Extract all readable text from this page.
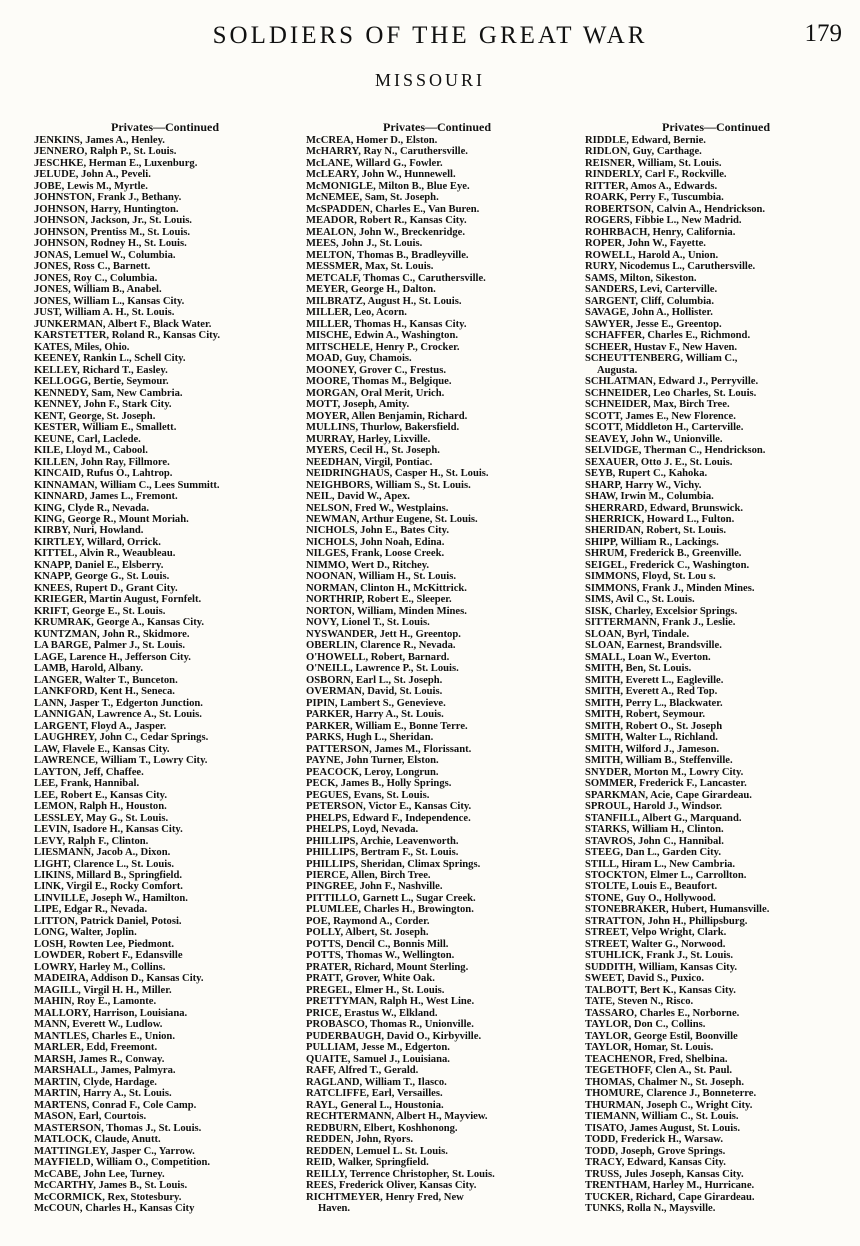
SOLDIERS OF THE GREAT WAR	179
MISSOURI
Privates—Continued
JENKINS, James A., Henley.
JENNERO, Ralph P., St. Louis.
JESCHKE, Herman E., Luxenburg.
JELUDE, John A., Peveli.
JOBE, Lewis M., Myrtle.
JOHNSTON, Frank J., Bethany.
JOHNSON, Harry, Huntington.
JOHNSON, Jackson, Jr., St. Louis.
JOHNSON, Prentiss M., St. Louis.
JOHNSON, Rodney H., St. Louis.
JONAS, Lemuel W., Columbia.
JONES, Ross C., Barnett.
JONES, Roy C., Columbia.
JONES, William B., Anabel.
JONES, William L., Kansas City.
JUST, William A. H., St. Louis.
JUNKERMAN, Albert F., Black Water.
KARSTETTER, Roland R., Kansas City.
KATES, Miles, Ohio.
KEENEY, Rankin L., Schell City.
KELLEY, Richard T., Easley.
KELLOGG, Bertie, Seymour.
KENNEDY, Sam, New Cambria.
KENNEY, John F., Stark City.
KENT, George, St. Joseph.
KESTER, William E., Smallett.
KEUNE, Carl, Laclede.
KILE, Lloyd M., Cabool.
KILLEN, John Ray, Fillmore.
KINCAID, Rufus O., Lahtrop.
KINNAMAN, William C., Lees Summitt.
KINNARD, James L., Fremont.
KING, Clyde R., Nevada.
KING, George R., Mount Moriah.
KIRBY, Nuri, Howland.
KIRTLEY, Willard, Orrick.
KITTEL, Alvin R., Weaubleau.
KNAPP, Daniel E., Elsberry.
KNAPP, George G., St. Louis.
KNEES, Rupert D., Grant City.
KRIEGER, Martin August, Fornfelt.
KRIFT, George E., St. Louis.
KRUMRAK, George A., Kansas City.
KUNTZMAN, John R., Skidmore.
LA BARGE, Palmer J., St. Louis.
LAGE, Larence H., Jefferson City.
LAMB, Harold, Albany.
LANGER, Walter T., Bunceton.
LANKFORD, Kent H., Seneca.
LANN, Jasper T., Edgerton Junction.
LANNIGAN, Lawrence A., St. Louis.
LARGENT, Floyd A., Jasper.
LAUGHREY, John C., Cedar Springs.
LAW, Flavele E., Kansas City.
LAWRENCE, William T., Lowry City.
LAYTON, Jeff, Chaffee.
LEE, Frank, Hannibal.
LEE, Robert E., Kansas City.
LEMON, Ralph H., Houston.
LESSLEY, May G., St. Louis.
LEVIN, Isadore H., Kansas City.
LEVY, Ralph F., Clinton.
LIESMANN, Jacob A., Dixon.
LIGHT, Clarence L., St. Louis.
LIKINS, Millard B., Springfield.
LINK, Virgil E., Rocky Comfort.
LINVILLE, Joseph W., Hamilton.
LIPE, Edgar R., Nevada.
LITTON, Patrick Daniel, Potosi.
LONG, Walter, Joplin.
LOSH, Rowten Lee, Piedmont.
LOWDER, Robert F., Edansville
LOWRY, Harley M., Collins.
MADEIRA, Addison D., Kansas City.
MAGILL, Virgil H. H., Miller.
MAHIN, Roy E., Lamonte.
MALLORY, Harrison, Louisiana.
MANN, Everett W., Ludlow.
MANTLES, Charles E., Union.
MARLER, Edd, Freemont.
MARSH, James R., Conway.
MARSHALL, James, Palmyra.
MARTIN, Clyde, Hardage.
MARTIN, Harry A., St. Louis.
MARTENS, Conrad F., Cole Camp.
MASON, Earl, Courtois.
MASTERSON, Thomas J., St. Louis.
MATLOCK, Claude, Anutt.
MATTINGLEY, Jasper C., Yarrow.
MAYFIELD, William O., Competition.
McCABE, John Lee, Turney.
McCARTHY, James B., St. Louis.
McCORMICK, Rex, Stotesbury.
McCOUN, Charles H., Kansas City
Privates—Continued
McCREA, Homer D., Elston.
McHARRY, Ray N., Caruthersville.
McLANE, Willard G., Fowler.
McLEARY, John W., Hunnewell.
McMONIGLE, Milton B., Blue Eye.
McNEMEE, Sam, St. Joseph.
McSPADDEN, Charles E., Van Buren.
MEADOR, Robert R., Kansas City.
MEALON, John W., Breckenridge.
MEES, John J., St. Louis.
MELTON, Thomas B., Bradleyville.
MESSMER, Max, St. Louis.
METCALF, Thomas C., Caruthersville.
MEYER, George H., Dalton.
MILBRATZ, August H., St. Louis.
MILLER, Leo, Acorn.
MILLER, Thomas H., Kansas City.
MISCHE, Edwin A., Washington.
MITSCHELE, Henry P., Crocker.
MOAD, Guy, Chamois.
MOONEY, Grover C., Frestus.
MOORE, Thomas M., Belgique.
MORGAN, Oral Merit, Urich.
MOTT, Joseph, Amity.
MOYER, Allen Benjamin, Richard.
MULLINS, Thurlow, Bakersfield.
MURRAY, Harley, Lixville.
MYERS, Cecil H., St. Joseph.
NEEDHAN, Virgil, Pontiac.
NEIDRINGHAUS, Casper H., St. Louis.
NEIGHBORS, William S., St. Louis.
NEIL, David W., Apex.
NELSON, Fred W., Westplains.
NEWMAN, Arthur Eugene, St. Louis.
NICHOLS, John E., Bates City.
NICHOLS, John Noah, Edina.
NILGES, Frank, Loose Creek.
NIMMO, Wert D., Ritchey.
NOONAN, William H., St. Louis.
NORMAN, Clinton H., McKittrick.
NORTHRIP, Robert E., Sleeper.
NORTON, William, Minden Mines.
NOVY, Lionel T., St. Louis.
NYSWANDER, Jett H., Greentop.
OBERLIN, Clarence R., Nevada.
O'HOWELL, Robert, Barnard.
O'NEILL, Lawrence P., St. Louis.
OSBORN, Earl L., St. Joseph.
OVERMAN, David, St. Louis.
PIPIN, Lambert S., Genevieve.
PARKER, Harry A., St. Louis.
PARKER, William E., Bonne Terre.
PARKS, Hugh L., Sheridan.
PATTERSON, James M., Florissant.
PAYNE, John Turner, Elston.
PEACOCK, Leroy, Longrun.
PECK, James B., Holly Springs.
PEGUES, Evans, St. Louis.
PETERSON, Victor E., Kansas City.
PHELPS, Edward F., Independence.
PHELPS, Loyd, Nevada.
PHILLIPS, Archie, Leavenworth.
PHILLIPS, Bertram F., St. Louis.
PHILLIPS, Sheridan, Climax Springs.
PIERCE, Allen, Birch Tree.
PINGREE, John F., Nashville.
PITTILLO, Garnett L., Sugar Creek.
PLUMLEE, Charles H., Browington.
POE, Raymond A., Corder.
POLLY, Albert, St. Joseph.
POTTS, Dencil C., Bonnis Mill.
POTTS, Thomas W., Wellington.
PRATER, Richard, Mount Sterling.
PRATT, Grover, White Oak.
PREGEL, Elmer H., St. Louis.
PRETTYMAN, Ralph H., West Line.
PRICE, Erastus W., Elkland.
PROBASCO, Thomas R., Unionville.
PUDERBAUGH, David O., Kirbyville.
PULLIAM, Jesse M., Edgerton.
QUAITE, Samuel J., Louisiana.
RAFF, Alfred T., Gerald.
RAGLAND, William T., Ilasco.
RATCLIFFE, Earl, Versailles.
RAYL, General L., Houstonia.
RECHTERMANN, Albert H., Mayview.
REDBURN, Elbert, Koshhonong.
REDDEN, John, Ryors.
REDDEN, Lemuel L. St. Louis.
REID, Walker, Springfield.
REILLY, Terrence Christopher, St. Louis.
REES, Frederick Oliver, Kansas City.
RICHTMEYER, Henry Fred, New
Haven.
Privates—Continued
RIDDLE, Edward, Bernie.
RIDLON, Guy, Carthage.
REISNER, William, St. Louis.
RINDERLY, Carl F., Rockville.
RITTER, Amos A., Edwards.
ROARK, Perry F., Tuscumbia.
ROBERTSON, Calvin A., Hendrickson.
ROGERS, Fibbie L., New Madrid.
ROHRBACH, Henry, California.
ROPER, John W., Fayette.
ROWELL, Harold A., Union.
RURY, Nicodemus L., Caruthersville.
SAMS, Milton, Sikeston.
SANDERS, Levi, Carterville.
SARGENT, Cliff, Columbia.
SAVAGE, John A., Hollister.
SAWYER, Jesse E., Greentop.
SCHAFFER, Charles E., Richmond.
SCHEER, Hustav F., New Haven.
SCHEUTTENBERG, William C.,
Augusta.
SCHLATMAN, Edward J., Perryville.
SCHNEIDER, Leo Charles, St. Louis.
SCHNEIDER, Max, Birch Tree.
SCOTT, James E., New Florence.
SCOTT, Middleton H., Carterville.
SEAVEY, John W., Unionville.
SELVIDGE, Therman C., Hendrickson.
SEXAUER, Otto J. E., St. Louis.
SEYB, Rupert C., Kahoka.
SHARP, Harry W., Vichy.
SHAW, Irwin M., Columbia.
SHERRARD, Edward, Brunswick.
SHERRICK, Howard L., Fulton.
SHERIDAN, Robert, St. Louis.
SHIPP, William R., Lackings.
SHRUM, Frederick B., Greenville.
SEIGEL, Frederick C., Washington.
SIMMONS, Floyd, St. Lou s.
SIMMONS, Frank J., Minden Mines.
SIMS, Avil C., St. Louis.
SISK, Charley, Excelsior Springs.
SITTERMANN, Frank J., Leslie.
SLOAN, Byrl, Tindale.
SLOAN, Earnest, Brandsville.
SMALL, Loan W., Everton.
SMITH, Ben, St. Louis.
SMITH, Everett L., Eagleville.
SMITH, Everett A., Red Top.
SMITH, Perry L., Blackwater.
SMITH, Robert, Seymour.
SMITH, Robert O., St. Joseph
SMITH, Walter L., Richland.
SMITH, Wilford J., Jameson.
SMITH, William B., Steffenville.
SNYDER, Morton M., Lowry City.
SOMMER, Frederick F., Lancaster.
SPARKMAN, Acie, Cape Girardeau.
SPROUL, Harold J., Windsor.
STANFILL, Albert G., Marquand.
STARKS, William H., Clinton.
STAVROS, John C., Hannibal.
STEEG, Dan L., Garden City.
STILL, Hiram L., New Cambria.
STOCKTON, Elmer L., Carrollton.
STOLTE, Louis E., Beaufort.
STONE, Guy O., Hollywood.
STONEBRAKER, Hubert, Humansville.
STRATTON, John H., Phillipsburg.
STREET, Velpo Wright, Clark.
STREET, Walter G., Norwood.
STUHLICK, Frank J., St. Louis.
SUDDITH, William, Kansas City.
SWEET, David S., Puxico.
TALBOTT, Bert K., Kansas City.
TATE, Steven N., Risco.
TASSARO, Charles E., Norborne.
TAYLOR, Don C., Collins.
TAYLOR, George Estil, Boonville
TAYLOR, Homar, St. Louis.
TEACHENOR, Fred, Shelbina.
TEGETHOFF, Clen A., St. Paul.
THOMAS, Chalmer N., St. Joseph.
THOMURE, Clarence J., Bonneterre.
THURMAN, Joseph C., Wright City.
TIEMANN, William C., St. Louis.
TISATO, James August, St. Louis.
TODD, Frederick H., Warsaw.
TODD, Joseph, Grove Springs.
TRACY, Edward, Kansas City.
TRUSS, Jules Joseph, Kansas City.
TRENTHAM, Harley M., Hurricane.
TUCKER, Richard, Cape Girardeau.
TUNKS, Rolla N., Maysville.
